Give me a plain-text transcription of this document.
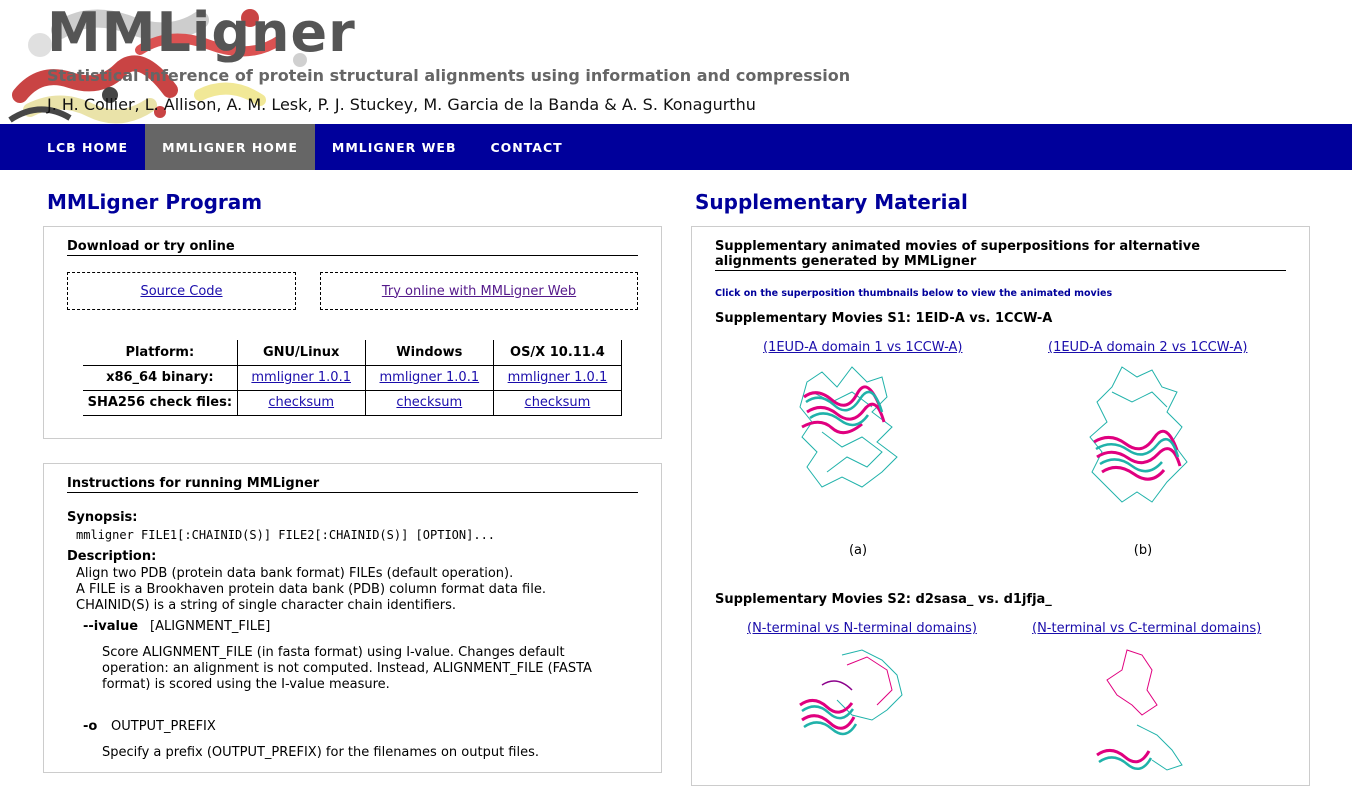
MMLigner

Statistical inference of protein structural alignments using information and compression

J. H. Collier, L. Allison, A. M. Lesk, P. J. Stuckey, M. Garcia de la Banda & A. S. Konagurthu

LCB HOME	MMLIGNER HOME	MMLIGNER WEB	CONTACT
MMLigner Program
Download or try online
Source Code	Try online with MMLigner Web
Platform:	GNU/Linux	Windows	OS/X 10.11.4
x86_64 binary:	mmligner 1.0.1	mmligner 1.0.1	mmligner 1.0.1
SHA256 check files:	checksum	checksum	checksum
Instructions for running MMLigner
Synopsis:
mmligner FILE1[:CHAINID(S)] FILE2[:CHAINID(S)] [OPTION]...
Description:
Align two PDB (protein data bank format) FILEs (default operation).
A FILE is a Brookhaven protein data bank (PDB) column format data file.
CHAINID(S) is a string of single character chain identifiers.
--ivalue [ALIGNMENT_FILE]
Score ALIGNMENT_FILE (in fasta format) using I-value. Changes default
operation: an alignment is not computed. Instead, ALIGNMENT_FILE (FASTA
format) is scored using the I-value measure.
-o OUTPUT_PREFIX
Specify a prefix (OUTPUT_PREFIX) for the filenames on output files.
Supplementary Material
Supplementary animated movies of superpositions for alternative alignments generated by MMLigner
Click on the superposition thumbnails below to view the animated movies
Supplementary Movies S1: 1EID-A vs. 1CCW-A
(1EUD-A domain 1 vs 1CCW-A)	(1EUD-A domain 2 vs 1CCW-A)
(a)	(b)
Supplementary Movies S2: d2sasa_ vs. d1jfja_
(N-terminal vs N-terminal domains)	(N-terminal vs C-terminal domains)
